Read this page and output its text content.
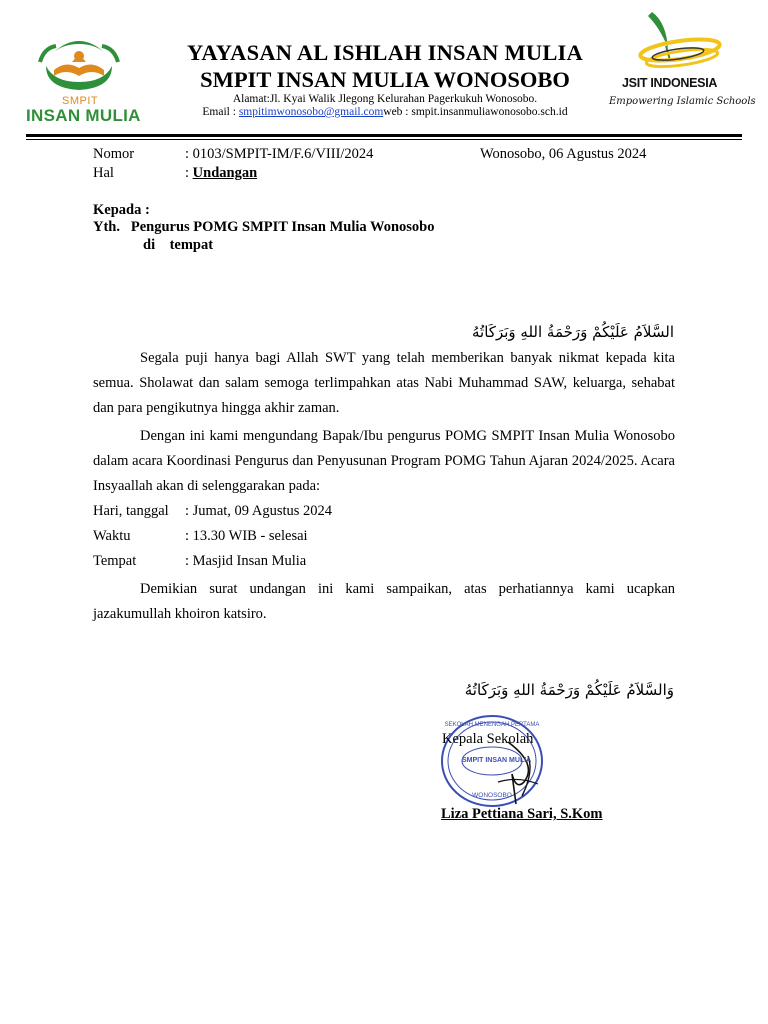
SMPIT
INSAN MULIA
JSIT INDONESIA
Empowering Islamic Schools
YAYASAN AL ISHLAH INSAN MULIA
SMPIT INSAN MULIA WONOSOBO
Alamat:Jl. Kyai Walik Jlegong Kelurahan Pagerkukuh Wonosobo.
Email : smpitimwonosobo@gmail.comweb : smpit.insanmuliawonosobo.sch.id
Nomor	: 0103/SMPIT-IM/F.6/VIII/2024	Wonosobo, 06 Agustus 2024
Hal	: Undangan
Kepada :
Yth.   Pengurus POMG SMPIT Insan Mulia Wonosobo
di    tempat
السَّلاَمُ عَلَيْكُمْ وَرَحْمَةُ اللهِ وَبَرَكَاتُهُ
Segala puji hanya bagi Allah SWT yang telah memberikan banyak nikmat kepada kita semua. Sholawat dan salam semoga terlimpahkan atas Nabi Muhammad SAW, keluarga, sehabat dan para pengikutnya hingga akhir zaman.
Dengan ini kami mengundang Bapak/Ibu pengurus POMG SMPIT Insan Mulia Wonosobo dalam acara Koordinasi Pengurus dan Penyusunan Program POMG Tahun Ajaran 2024/2025. Acara Insyaallah akan di selenggarakan pada:
Hari, tanggal : Jumat, 09 Agustus 2024
Waktu	: 13.30 WIB - selesai
Tempat	: Masjid Insan Mulia
Demikian surat undangan ini kami sampaikan, atas perhatiannya kami ucapkan jazakumullah khoiron katsiro.
وَالسَّلاَمُ عَلَيْكُمْ وَرَحْمَةُ اللهِ وَبَرَكَاتُهُ
SEKOLAH MENENGAH PERTAMA
SMPIT INSAN MULIA
WONOSOBO
Kepala Sekolah
Liza Pettiana Sari, S.Kom
